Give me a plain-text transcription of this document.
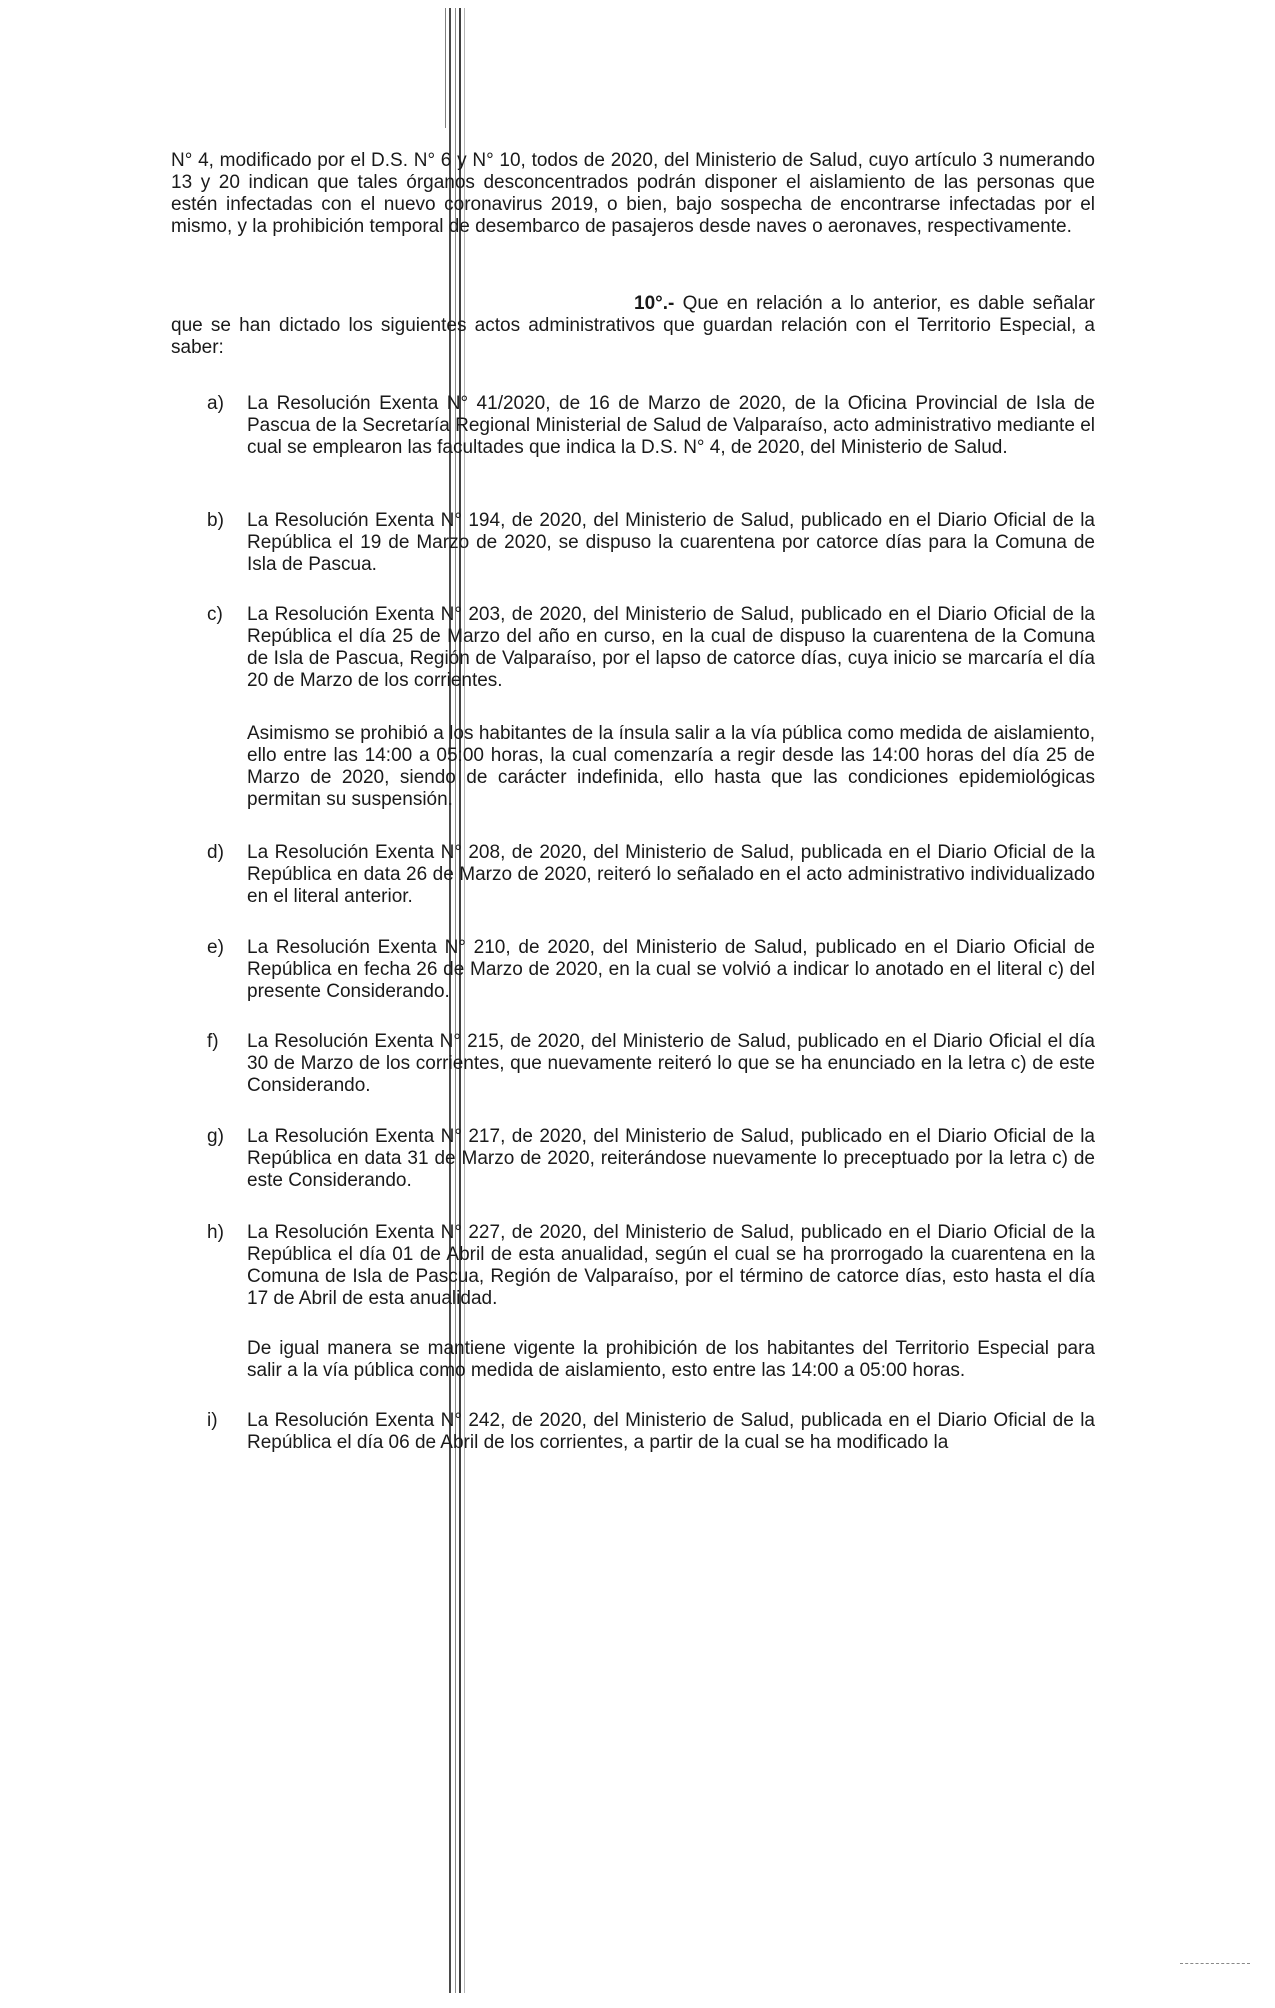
N° 4, modificado por el D.S. N° 6 y N° 10, todos de 2020, del Ministerio de Salud, cuyo artículo 3 numerando 13 y 20 indican que tales órganos desconcentrados podrán disponer el aislamiento de las personas que estén infectadas con el nuevo coronavirus 2019, o bien, bajo sospecha de encontrarse infectadas por el mismo, y la prohibición temporal de desembarco de pasajeros desde naves o aeronaves, respectivamente.

10°.- Que en relación a lo anterior, es dable señalar que se han dictado los siguientes actos administrativos que guardan relación con el Territorio Especial, a saber:

a)	La Resolución Exenta N° 41/2020, de 16 de Marzo de 2020, de la Oficina Provincial de Isla de Pascua de la Secretaría Regional Ministerial de Salud de Valparaíso, acto administrativo mediante el cual se emplearon las facultades que indica la D.S. N° 4, de 2020, del Ministerio de Salud.

b)	La Resolución Exenta N° 194, de 2020, del Ministerio de Salud, publicado en el Diario Oficial de la República el 19 de Marzo de 2020, se dispuso la cuarentena por catorce días para la Comuna de Isla de Pascua.

c)	La Resolución Exenta N° 203, de 2020, del Ministerio de Salud, publicado en el Diario Oficial de la República el día 25 de Marzo del año en curso, en la cual de dispuso la cuarentena de la Comuna de Isla de Pascua, Región de Valparaíso, por el lapso de catorce días, cuya inicio se marcaría el día 20 de Marzo de los corrientes.

Asimismo se prohibió a los habitantes de la ínsula salir a la vía pública como medida de aislamiento, ello entre las 14:00 a 05:00 horas, la cual comenzaría a regir desde las 14:00 horas del día 25 de Marzo de 2020, siendo de carácter indefinida, ello hasta que las condiciones epidemiológicas permitan su suspensión.

d)	La Resolución Exenta N° 208, de 2020, del Ministerio de Salud, publicada en el Diario Oficial de la República en data 26 de Marzo de 2020, reiteró lo señalado en el acto administrativo individualizado en el literal anterior.

e)	La Resolución Exenta N° 210, de 2020, del Ministerio de Salud, publicado en el Diario Oficial de República en fecha 26 de Marzo de 2020, en la cual se volvió a indicar lo anotado en el literal c) del presente Considerando.

f)	La Resolución Exenta N° 215, de 2020, del Ministerio de Salud, publicado en el Diario Oficial el día 30 de Marzo de los corrientes, que nuevamente reiteró lo que se ha enunciado en la letra c) de este Considerando.

g)	La Resolución Exenta N° 217, de 2020, del Ministerio de Salud, publicado en el Diario Oficial de la República en data 31 de Marzo de 2020, reiterándose nuevamente lo preceptuado por la letra c) de este Considerando.

h)	La Resolución Exenta N° 227, de 2020, del Ministerio de Salud, publicado en el Diario Oficial de la República el día 01 de Abril de esta anualidad, según el cual se ha prorrogado la cuarentena en la Comuna de Isla de Pascua, Región de Valparaíso, por el término de catorce días, esto hasta el día 17 de Abril de esta anualidad.

De igual manera se mantiene vigente la prohibición de los habitantes del Territorio Especial para salir a la vía pública como medida de aislamiento, esto entre las 14:00 a 05:00 horas.

i)	La Resolución Exenta N° 242, de 2020, del Ministerio de Salud, publicada en el Diario Oficial de la República el día 06 de Abril de los corrientes, a partir de la cual se ha modificado la
